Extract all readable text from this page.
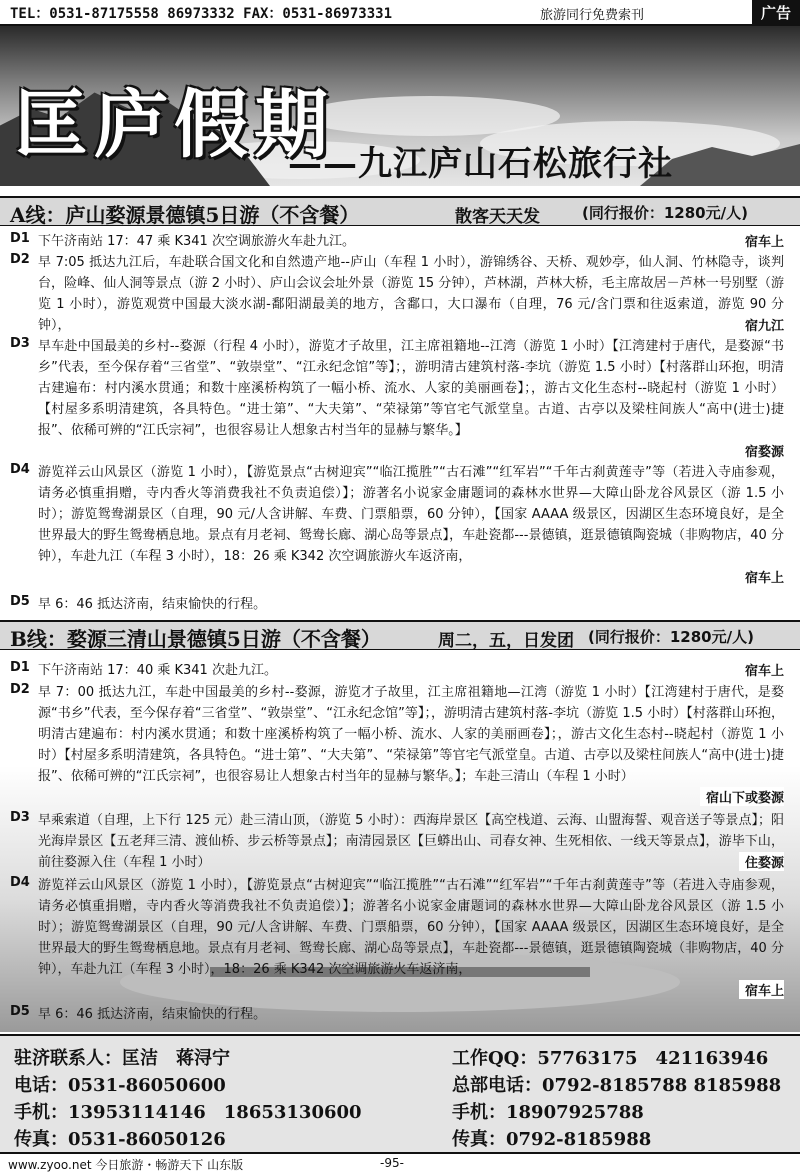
TEL：0531-87175558 86973332 FAX：0531-86973331	旅游同行免费索刊	广告
匡庐假期
——九江庐山石松旅行社
A线：庐山婺源景德镇5日游（不含餐）	散客天天发	(同行报价：1280元/人)
D1 下午济南站 17：47 乘 K341 次空调旅游火车赴九江。	宿车上
D2 早 7:05 抵达九江后，车赴联合国文化和自然遗产地--庐山（车程 1 小时），游锦绣谷、天桥、观妙亭，仙人洞、竹林隐寺，谈判台，险峰、仙人洞等景点（游 2 小时）、庐山会议会址外景（游览 15 分钟），芦林湖，芦林大桥，毛主席故居－芦林一号别墅（游览 1 小时），游览观赏中国最大淡水湖-鄱阳湖最美的地方，含鄱口，大口瀑布（自理，76 元/含门票和往返索道，游览 90 分钟），	宿九江
D3 早车赴中国最美的乡村--婺源（行程 4 小时），游览才子故里，江主席祖籍地--江湾（游览 1 小时）【江湾建村于唐代，是婺源“书乡”代表，至今保存着“三省堂”、“敦崇堂”、“江永纪念馆”等】；，游明清古建筑村落-李坑（游览 1.5 小时）【村落群山环抱，明清古建遍布：村内溪水贯通；和数十座溪桥构筑了一幅小桥、流水、人家的美丽画卷】；，游古文化生态村--晓起村（游览 1 小时）【村屋多系明清建筑，各具特色。“进士第”、“大夫第”、“荣禄第”等官宅气派堂皇。古道、古亭以及梁柱间族人“高中(进士)捷报”、依稀可辨的“江氏宗祠”，也很容易让人想象古村当年的显赫与繁华。】
宿婺源
D4 游览祥云山风景区（游览 1 小时），【游览景点“古树迎宾”“临江揽胜”“古石滩”“红军岩”“千年古刹黄莲寺”等（若进入寺庙参观，请务必慎重捐赠，寺内香火等消费我社不负责追偿）】；游著名小说家金庸题词的森林水世界—大障山卧龙谷风景区（游 1.5 小时）；游览鸳鸯湖景区（自理，90 元/人含讲解、车费、门票船票，60 分钟），【国家 AAAA 级景区，因湖区生态环境良好，是全世界最大的野生鸳鸯栖息地。景点有月老祠、鸳鸯长廊、湖心岛等景点】，车赴瓷都---景德镇，逛景德镇陶瓷城（非购物店，40 分钟），车赴九江（车程 3 小时），18：26 乘 K342 次空调旅游火车返济南，
宿车上
D5 早 6：46 抵达济南，结束愉快的行程。
B线：婺源三清山景德镇5日游（不含餐）	周二，五，日发团 (同行报价：1280元/人)
D1 下午济南站 17：40 乘 K341 次赴九江。	宿车上
D2 早 7：00 抵达九江，车赴中国最美的乡村--婺源，游览才子故里，江主席祖籍地—江湾（游览 1 小时）【江湾建村于唐代，是婺源“书乡”代表，至今保存着“三省堂”、“敦崇堂”、“江永纪念馆”等】；，游明清古建筑村落-李坑（游览 1.5 小时）【村落群山环抱，明清古建遍布：村内溪水贯通；和数十座溪桥构筑了一幅小桥、流水、人家的美丽画卷】；，游古文化生态村--晓起村（游览 1 小时）【村屋多系明清建筑，各具特色。“进士第”、“大夫第”、“荣禄第”等官宅气派堂皇。古道、古亭以及梁柱间族人“高中(进士)捷报”、依稀可辨的“江氏宗祠”，也很容易让人想象古村当年的显赫与繁华。】；车赴三清山（车程 1 小时）
宿山下或婺源
D3 早乘索道（自理，上下行 125 元）赴三清山顶，（游览 5 小时）：西海岸景区【高空栈道、云海、山盟海誓、观音送子等景点】；阳光海岸景区【五老拜三清、渡仙桥、步云桥等景点】；南清园景区【巨蟒出山、司春女神、生死相依、一线天等景点】，游毕下山，前往婺源入住（车程 1 小时）	住婺源
D4 游览祥云山风景区（游览 1 小时），【游览景点“古树迎宾”“临江揽胜”“古石滩”“红军岩”“千年古刹黄莲寺”等（若进入寺庙参观，请务必慎重捐赠，寺内香火等消费我社不负责追偿）】；游著名小说家金庸题词的森林水世界—大障山卧龙谷风景区（游 1.5 小时）；游览鸳鸯湖景区（自理，90 元/人含讲解、车费、门票船票，60 分钟），【国家 AAAA 级景区，因湖区生态环境良好，是全世界最大的野生鸳鸯栖息地。景点有月老祠、鸳鸯长廊、湖心岛等景点】，车赴瓷都---景德镇，逛景德镇陶瓷城（非购物店，40 分钟），车赴九江（车程 3 小时），18：26 乘 K342 次空调旅游火车返济南，
宿车上
D5 早 6：46 抵达济南，结束愉快的行程。
驻济联系人：匡洁　蒋浔宁
电话：0531-86050600
手机：13953114146　18653130600
传真：0531-86050126
工作QQ：57763175　421163946
总部电话：0792-8185788 8185988
手机：18907925788
传真：0792-8185988
www.zyoo.net 今日旅游・畅游天下 山东版	-95-
